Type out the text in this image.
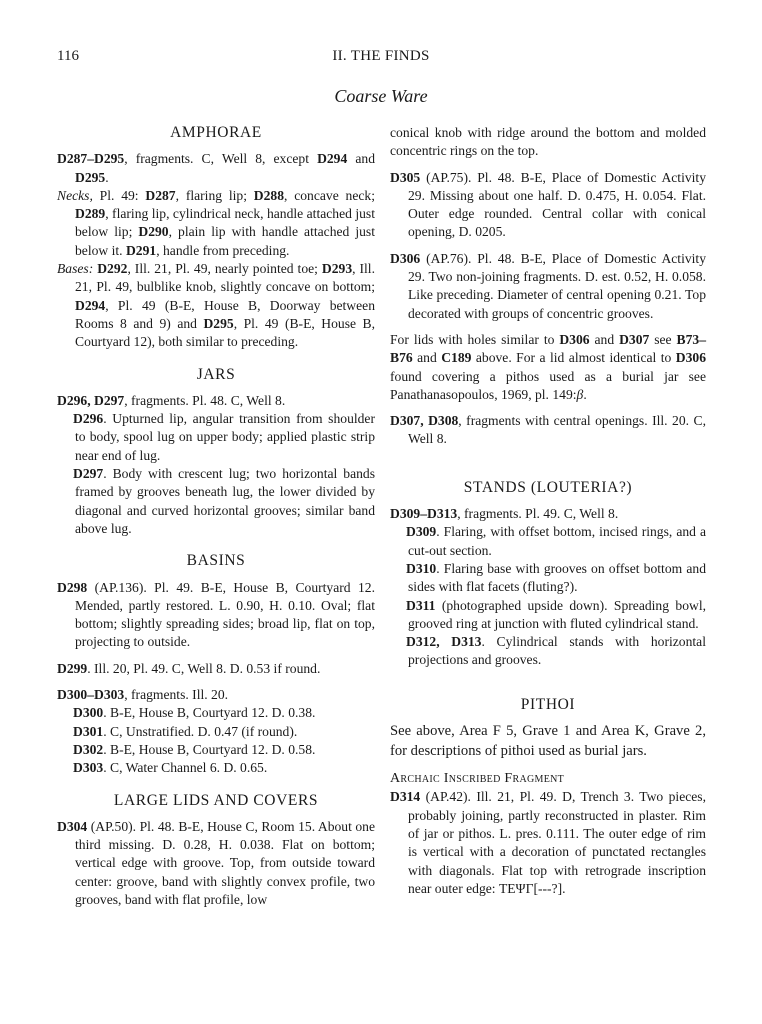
116	II. THE FINDS
Coarse Ware
AMPHORAE

D287–D295, fragments. C, Well 8, except D294 and D295.

Necks, Pl. 49: D287, flaring lip; D288, concave neck; D289, flaring lip, cylindrical neck, handle attached just below lip; D290, plain lip with handle attached just below it. D291, handle from preceding.

Bases: D292, Ill. 21, Pl. 49, nearly pointed toe; D293, Ill. 21, Pl. 49, bulblike knob, slightly concave on bottom; D294, Pl. 49 (B-E, House B, Doorway between Rooms 8 and 9) and D295, Pl. 49 (B-E, House B, Courtyard 12), both similar to preceding.

JARS

D296, D297, fragments. Pl. 48. C, Well 8.

D296. Upturned lip, angular transition from shoulder to body, spool lug on upper body; applied plastic strip near end of lug.

D297. Body with crescent lug; two horizontal bands framed by grooves beneath lug, the lower divided by diagonal and curved horizontal grooves; similar band above lug.

BASINS

D298 (AP.136). Pl. 49. B-E, House B, Courtyard 12. Mended, partly restored. L. 0.90, H. 0.10. Oval; flat bottom; slightly spreading sides; broad lip, flat on top, projecting to outside.

D299. Ill. 20, Pl. 49. C, Well 8. D. 0.53 if round.

D300–D303, fragments. Ill. 20.

D300. B-E, House B, Courtyard 12. D. 0.38.

D301. C, Unstratified. D. 0.47 (if round).

D302. B-E, House B, Courtyard 12. D. 0.58.

D303. C, Water Channel 6. D. 0.65.

LARGE LIDS AND COVERS

D304 (AP.50). Pl. 48. B-E, House C, Room 15. About one third missing. D. 0.28, H. 0.038. Flat on bottom; vertical edge with groove. Top, from outside toward center: groove, band with slightly convex profile, two grooves, band with flat profile, low

conical knob with ridge around the bottom and molded concentric rings on the top.

D305 (AP.75). Pl. 48. B-E, Place of Domestic Activity 29. Missing about one half. D. 0.475, H. 0.054. Flat. Outer edge rounded. Central collar with conical opening, D. 0205.

D306 (AP.76). Pl. 48. B-E, Place of Domestic Activity 29. Two non-joining fragments. D. est. 0.52, H. 0.058. Like preceding. Diameter of central opening 0.21. Top decorated with groups of concentric grooves.

For lids with holes similar to D306 and D307 see B73–B76 and C189 above. For a lid almost identical to D306 found covering a pithos used as a burial jar see Panathanasopoulos, 1969, pl. 149:β.

D307, D308, fragments with central openings. Ill. 20. C, Well 8.

STANDS (LOUTERIA?)

D309–D313, fragments. Pl. 49. C, Well 8.

D309. Flaring, with offset bottom, incised rings, and a cut-out section.

D310. Flaring base with grooves on offset bottom and sides with flat facets (fluting?).

D311 (photographed upside down). Spreading bowl, grooved ring at junction with fluted cylindrical stand.

D312, D313. Cylindrical stands with horizontal projections and grooves.

PITHOI

See above, Area F 5, Grave 1 and Area K, Grave 2, for descriptions of pithoi used as burial jars.

Archaic Inscribed Fragment

D314 (AP.42). Ill. 21, Pl. 49. D, Trench 3. Two pieces, probably joining, partly reconstructed in plaster. Rim of jar or pithos. L. pres. 0.111. The outer edge of rim is vertical with a decoration of punctated rectangles with diagonals. Flat top with retrograde inscription near outer edge: ΤΕΨΓ[---?].
